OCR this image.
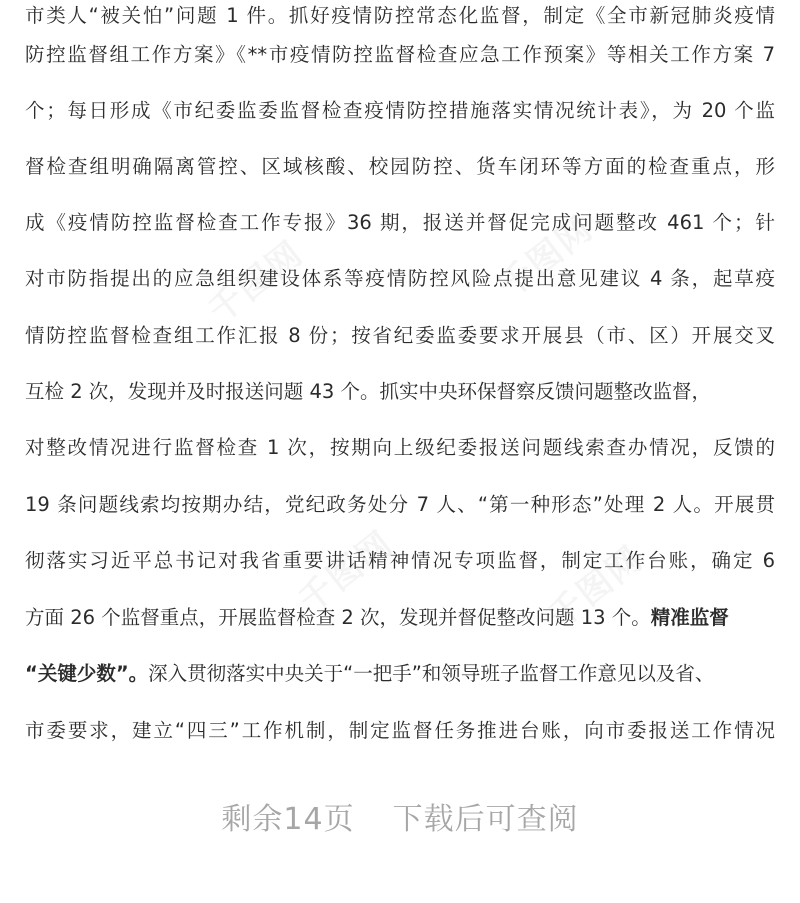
市类人“被关怕”问题 1 件。抓好疫情防控常态化监督，制定《全市新冠肺炎疫情
防控监督组工作方案》《**市疫情防控监督检查应急工作预案》等相关工作方案 7
个；每日形成《市纪委监委监督检查疫情防控措施落实情况统计表》，为 20 个监
督检查组明确隔离管控、区域核酸、校园防控、货车闭环等方面的检查重点，形
成《疫情防控监督检查工作专报》36 期，报送并督促完成问题整改 461 个；针
对市防指提出的应急组织建设体系等疫情防控风险点提出意见建议 4 条，起草疫
情防控监督检查组工作汇报 8 份；按省纪委监委要求开展县（市、区）开展交叉
互检 2 次，发现并及时报送问题 43 个。抓实中央环保督察反馈问题整改监督，
对整改情况进行监督检查 1 次，按期向上级纪委报送问题线索查办情况，反馈的
19 条问题线索均按期办结，党纪政务处分 7 人、“第一种形态”处理 2 人。开展贯
彻落实习近平总书记对我省重要讲话精神情况专项监督，制定工作台账，确定 6
方面 26 个监督重点，开展监督检查 2 次，发现并督促整改问题 13 个。精准监督
“关键少数”。深入贯彻落实中央关于“一把手”和领导班子监督工作意见以及省、
市委要求，建立“四三”工作机制，制定监督任务推进台账，向市委报送工作情况
千图网	千图网
千图网	千图网
剩余14页 下载后可查阅
